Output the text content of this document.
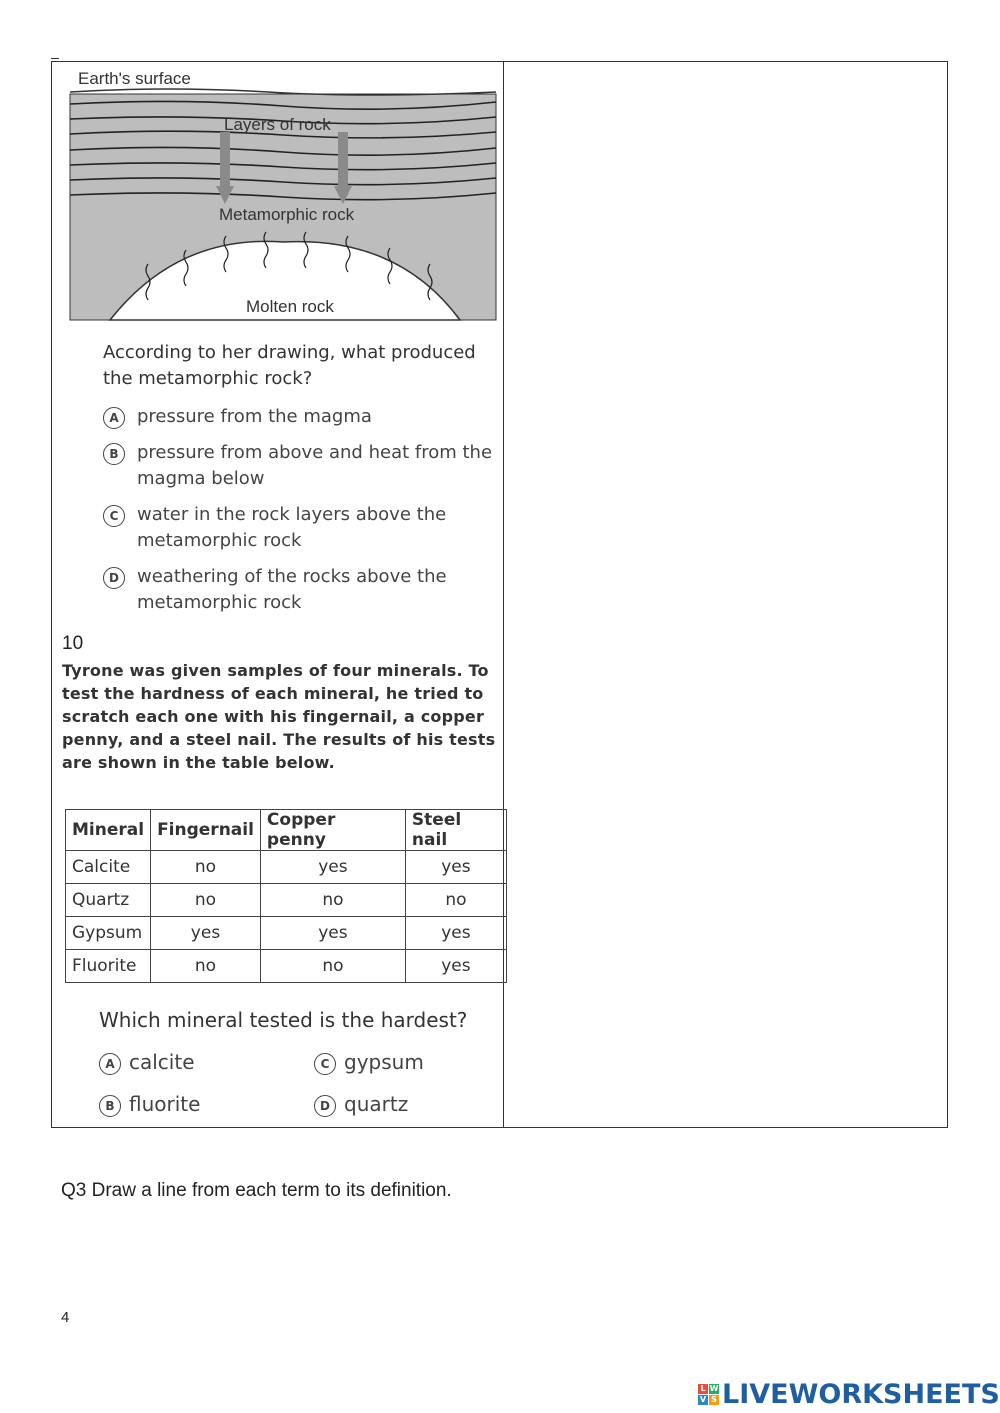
Earth's surface
Layers of rock
Metamorphic rock
Molten rock
According to her drawing, what produced the metamorphic rock?
A	pressure from the magma
B	pressure from above and heat from the magma below
C	water in the rock layers above the metamorphic rock
D	weathering of the rocks above the metamorphic rock
10
Tyrone was given samples of four minerals. To test the hardness of each mineral, he tried to scratch each one with his fingernail, a copper penny, and a steel nail. The results of his tests are shown in the table below.
Mineral	Fingernail	Copper penny	Steel nail
Calcite	no	yes	yes
Quartz	no	no	no
Gypsum	yes	yes	yes
Fluorite	no	no	yes
Which mineral tested is the hardest?
A calcite
B fluorite
C gypsum
D quartz
Q3 Draw a line from each term to its definition.
4
L W
V S LIVEWORKSHEETS
